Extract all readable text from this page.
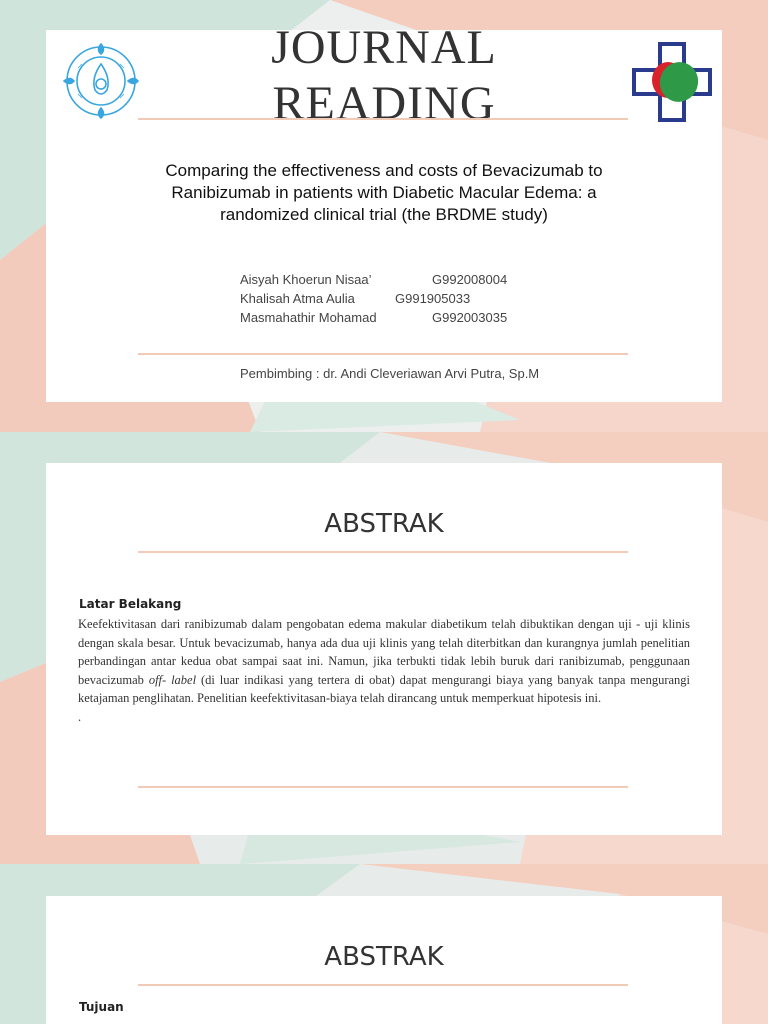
JOURNAL
READING
Comparing the effectiveness and costs of Bevacizumab to Ranibizumab in patients with Diabetic Macular Edema: a randomized clinical trial (the BRDME study)
Aisyah Khoerun Nisaa’	G992008004
Khalisah Atma Aulia	G991905033
Masmahathir Mohamad	G992003035
Pembimbing : dr. Andi Cleveriawan Arvi Putra, Sp.M
ABSTRAK
Latar Belakang
Keefektivitasan dari ranibizumab dalam pengobatan edema makular diabetikum telah dibuktikan dengan uji - uji klinis dengan skala besar. Untuk bevacizumab, hanya ada dua uji klinis yang telah diterbitkan dan kurangnya jumlah penelitian perbandingan antar kedua obat sampai saat ini. Namun, jika terbukti tidak lebih buruk dari ranibizumab, penggunaan bevacizumab off- label (di luar indikasi yang tertera di obat) dapat mengurangi biaya yang banyak tanpa mengurangi ketajaman penglihatan. Penelitian keefektivitasan-biaya telah dirancang untuk memperkuat hipotesis ini.
.
ABSTRAK
Tujuan
